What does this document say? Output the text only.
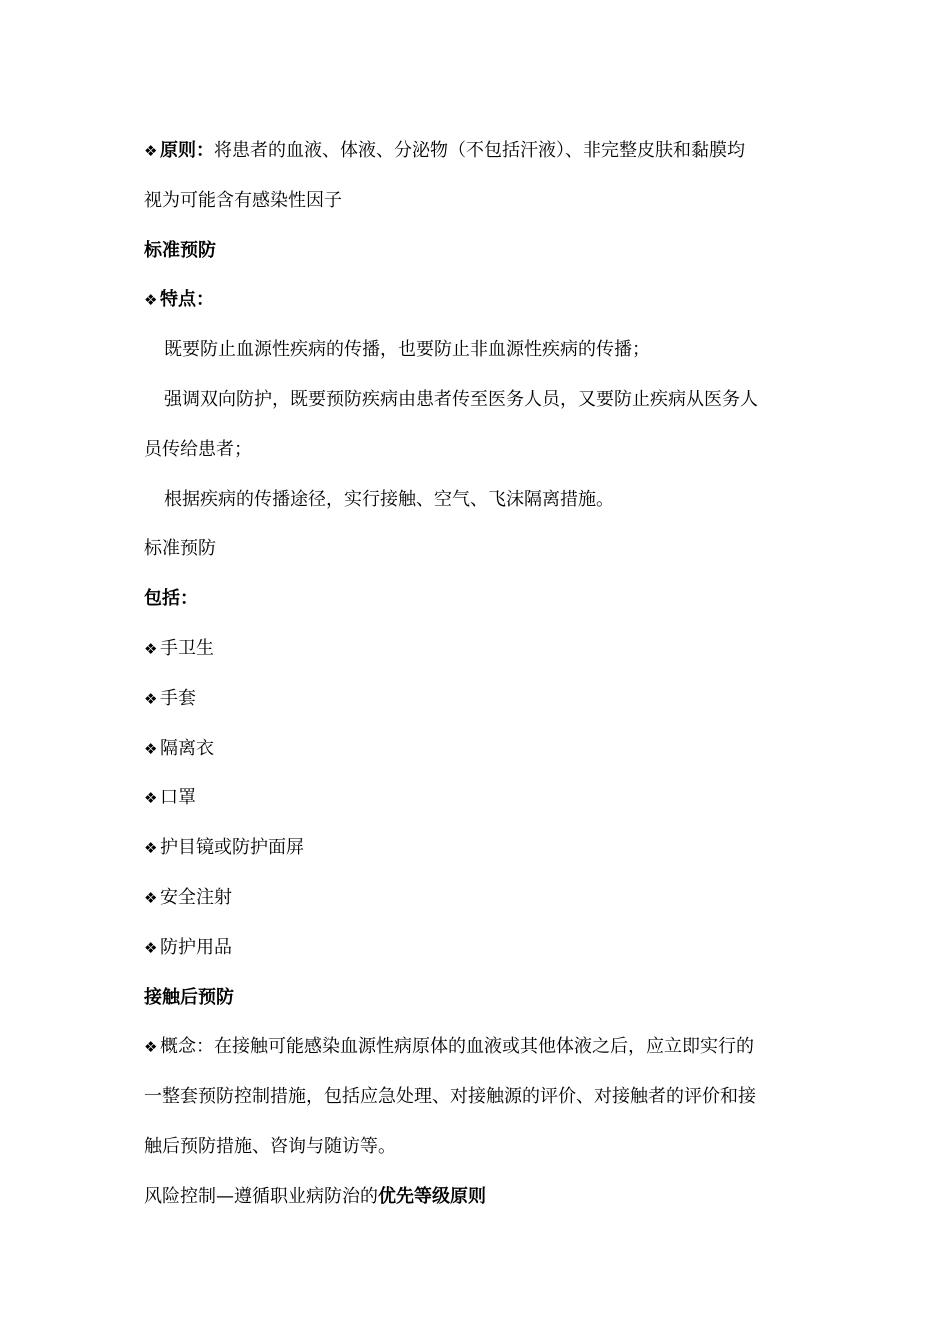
❖ 原则：将患者的血液、体液、分泌物（不包括汗液）、非完整皮肤和黏膜均
视为可能含有感染性因子
标准预防
❖ 特点：
既要防止血源性疾病的传播，也要防止非血源性疾病的传播；
强调双向防护，既要预防疾病由患者传至医务人员，又要防止疾病从医务人
员传给患者；
根据疾病的传播途径，实行接触、空气、飞沫隔离措施。
标准预防
包括：
❖ 手卫生
❖ 手套
❖ 隔离衣
❖ 口罩
❖ 护目镜或防护面屏
❖ 安全注射
❖ 防护用品
接触后预防
❖ 概念：在接触可能感染血源性病原体的血液或其他体液之后，应立即实行的
一整套预防控制措施，包括应急处理、对接触源的评价、对接触者的评价和接
触后预防措施、咨询与随访等。
风险控制—遵循职业病防治的优先等级原则
